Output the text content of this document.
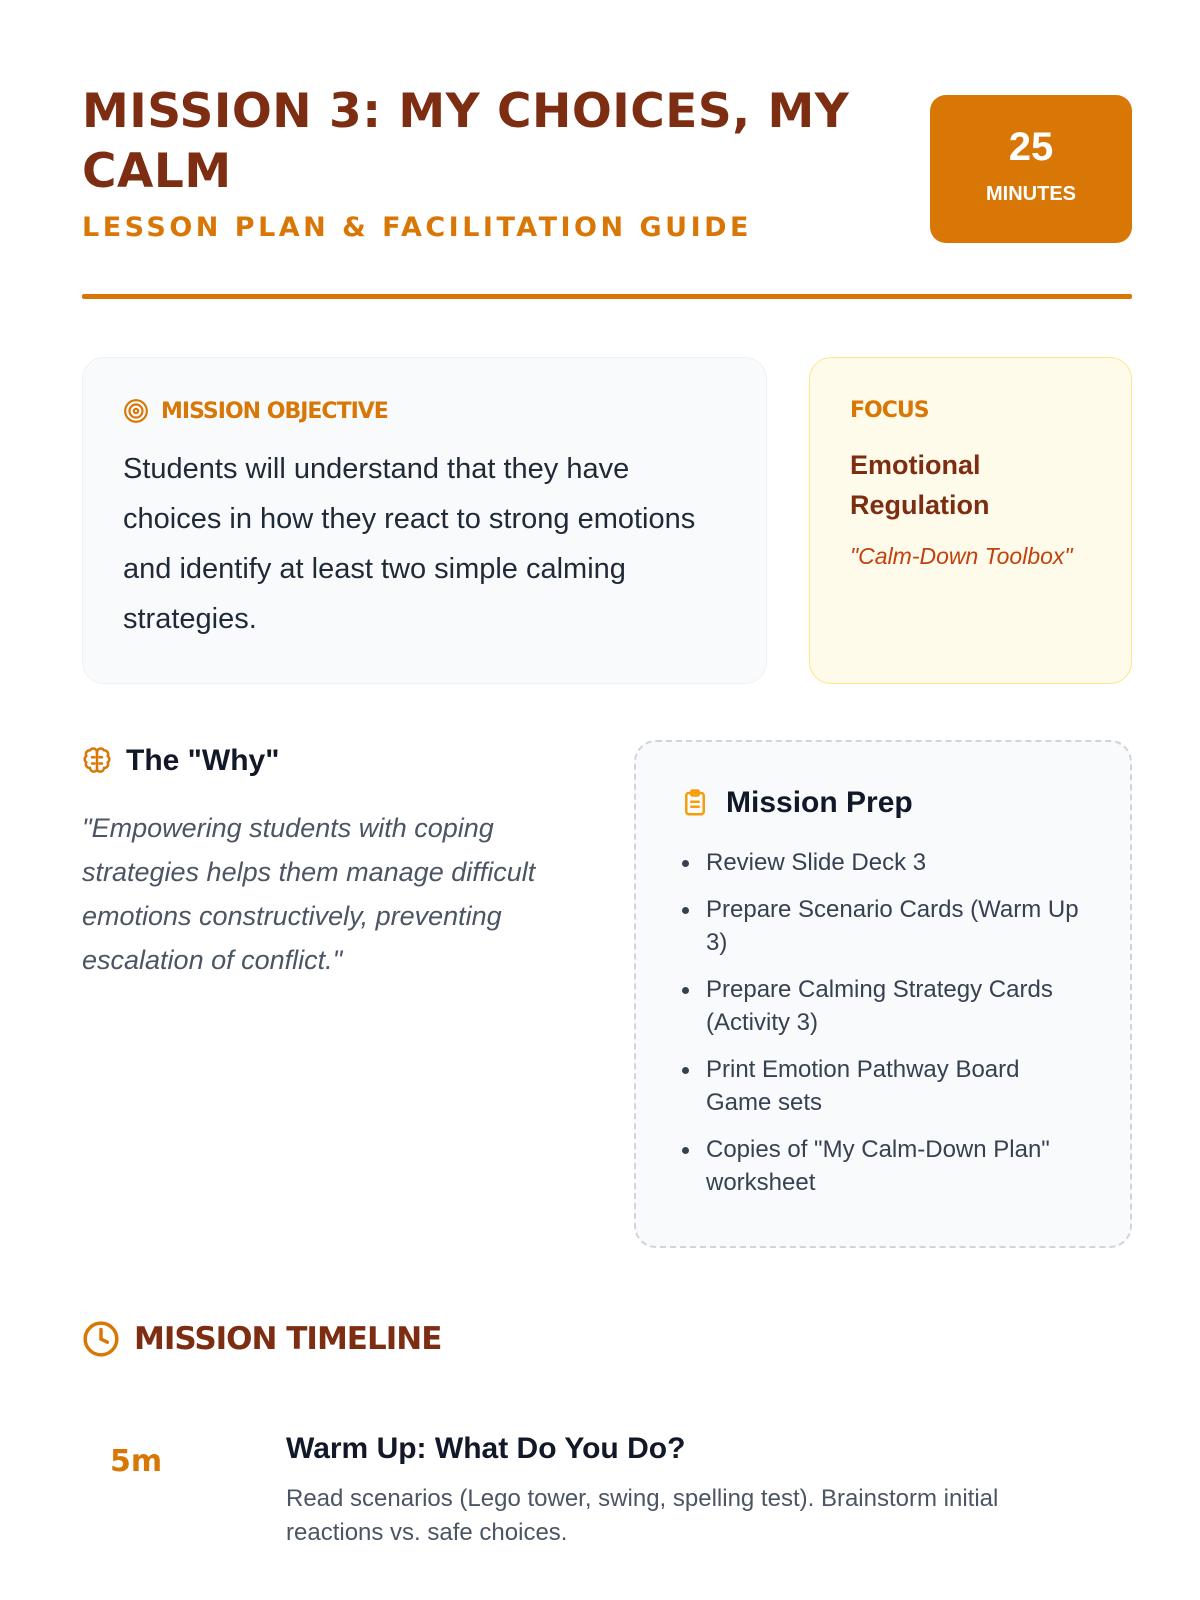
MISSION 3: MY CHOICES, MY CALM
LESSON PLAN & FACILITATION GUIDE
25
MINUTES
MISSION OBJECTIVE

Students will understand that they have choices in how they react to strong emotions and identify at least two simple calming strategies.

FOCUS
Emotional Regulation
"Calm-Down Toolbox"
The "Why"

"Empowering students with coping strategies helps them manage difficult emotions constructively, preventing escalation of conflict."

Mission Prep
Review Slide Deck 3
Prepare Scenario Cards (Warm Up 3)
Prepare Calming Strategy Cards (Activity 3)
Print Emotion Pathway Board Game sets
Copies of "My Calm-Down Plan" worksheet
MISSION TIMELINE
5m	Warm Up: What Do You Do?

Read scenarios (Lego tower, swing, spelling test). Brainstorm initial reactions vs. safe choices.
